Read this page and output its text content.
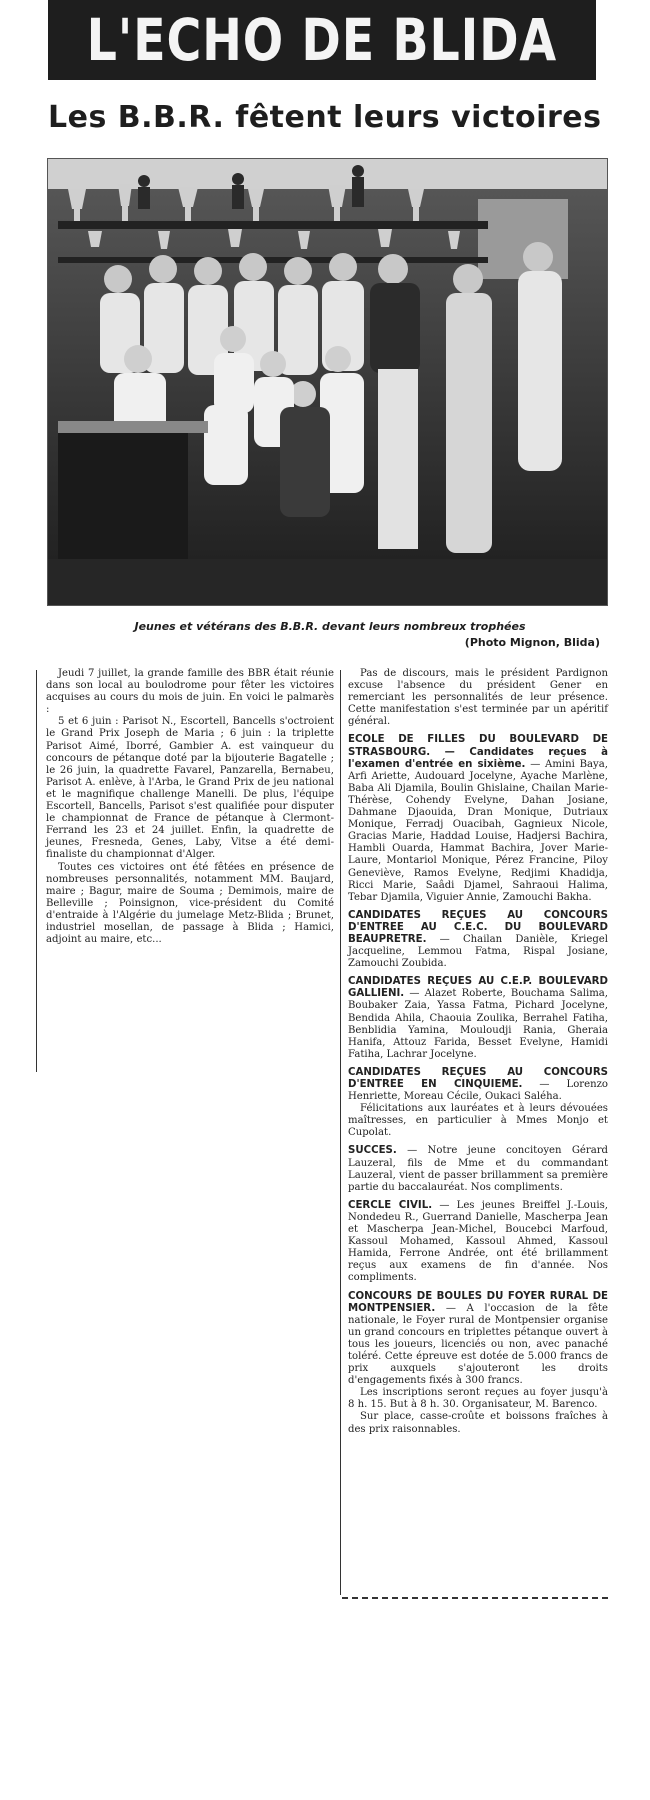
L'ECHO DE BLIDA
Les B.B.R. fêtent leurs victoires
Jeunes et vétérans des B.B.R. devant leurs nombreux trophées
(Photo Mignon, Blida)

Jeudi 7 juillet, la grande famille des BBR était réunie dans son local au boulodrome pour fêter les victoires acquises au cours du mois de juin. En voici le palmarès :

5 et 6 juin : Parisot N., Escortell, Bancells s'octroient le Grand Prix Joseph de Maria ; 6 juin : la triplette Parisot Aimé, Iborré, Gambier A. est vainqueur du concours de pétanque doté par la bijouterie Bagatelle ; le 26 juin, la quadrette Favarel, Panzarella, Bernabeu, Parisot A. enlève, à l'Arba, le Grand Prix de jeu national et le magnifique challenge Manelli. De plus, l'équipe Escortell, Bancells, Parisot s'est qualifiée pour disputer le championnat de France de pétanque à Clermont-Ferrand les 23 et 24 juillet. Enfin, la quadrette de jeunes, Fresneda, Genes, Laby, Vitse a été demi-finaliste du championnat d'Alger.

Toutes ces victoires ont été fêtées en présence de nombreuses personnalités, notamment MM. Baujard, maire ; Bagur, maire de Souma ; Demimois, maire de Belleville ; Poinsignon, vice-président du Comité d'entraide à l'Algérie du jumelage Metz-Blida ; Brunet, industriel mosellan, de passage à Blida ; Hamici, adjoint au maire, etc...

Pas de discours, mais le président Pardignon excuse l'absence du président Gener en remerciant les personnalités de leur présence. Cette manifestation s'est terminée par un apéritif général.

ECOLE DE FILLES DU BOULEVARD DE STRASBOURG. — Candidates reçues à l'examen d'entrée en sixième. — Amini Baya, Arfi Ariette, Audouard Jocelyne, Ayache Marlène, Baba Ali Djamila, Boulin Ghislaine, Chailan Marie-Thérèse, Cohendy Evelyne, Dahan Josiane, Dahmane Djaouida, Dran Monique, Dutriaux Monique, Ferradj Ouacibah, Gagnieux Nicole, Gracias Marie, Haddad Louise, Hadjersi Bachira, Hambli Ouarda, Hammat Bachira, Jover Marie-Laure, Montariol Monique, Pérez Francine, Piloy Geneviève, Ramos Evelyne, Redjimi Khadidja, Ricci Marie, Saâdi Djamel, Sahraoui Halima, Tebar Djamila, Viguier Annie, Zamouchi Bakha.

CANDIDATES REÇUES AU CONCOURS D'ENTREE AU C.E.C. DU BOULEVARD BEAUPRETRE. — Chailan Danièle, Kriegel Jacqueline, Lemmou Fatma, Rispal Josiane, Zamouchi Zoubida.

CANDIDATES REÇUES AU C.E.P. BOULEVARD GALLIENI. — Alazet Roberte, Bouchama Salima, Boubaker Zaia, Yassa Fatma, Pichard Jocelyne, Bendida Ahila, Chaouia Zoulika, Berrahel Fatiha, Benblidia Yamina, Mouloudji Rania, Gheraia Hanifa, Attouz Farida, Besset Evelyne, Hamidi Fatiha, Lachrar Jocelyne.

CANDIDATES REÇUES AU CONCOURS D'ENTREE EN CINQUIEME. — Lorenzo Henriette, Moreau Cécile, Oukaci Saléha.

Félicitations aux lauréates et à leurs dévouées maîtresses, en particulier à Mmes Monjo et Cupolat.

SUCCES. — Notre jeune concitoyen Gérard Lauzeral, fils de Mme et du commandant Lauzeral, vient de passer brillamment sa première partie du baccalauréat. Nos compliments.

CERCLE CIVIL. — Les jeunes Breiffel J.-Louis, Nondedeu R., Guerrand Danielle, Mascherpa Jean et Mascherpa Jean-Michel, Boucebci Marfoud, Kassoul Mohamed, Kassoul Ahmed, Kassoul Hamida, Ferrone Andrée, ont été brillamment reçus aux examens de fin d'année. Nos compliments.

CONCOURS DE BOULES DU FOYER RURAL DE MONTPENSIER. — A l'occasion de la fête nationale, le Foyer rural de Montpensier organise un grand concours en triplettes pétanque ouvert à tous les joueurs, licenciés ou non, avec panaché toléré. Cette épreuve est dotée de 5.000 francs de prix auxquels s'ajouteront les droits d'engagements fixés à 300 francs.

Les inscriptions seront reçues au foyer jusqu'à 8 h. 15. But à 8 h. 30. Organisateur, M. Barenco.

Sur place, casse-croûte et boissons fraîches à des prix raisonnables.
